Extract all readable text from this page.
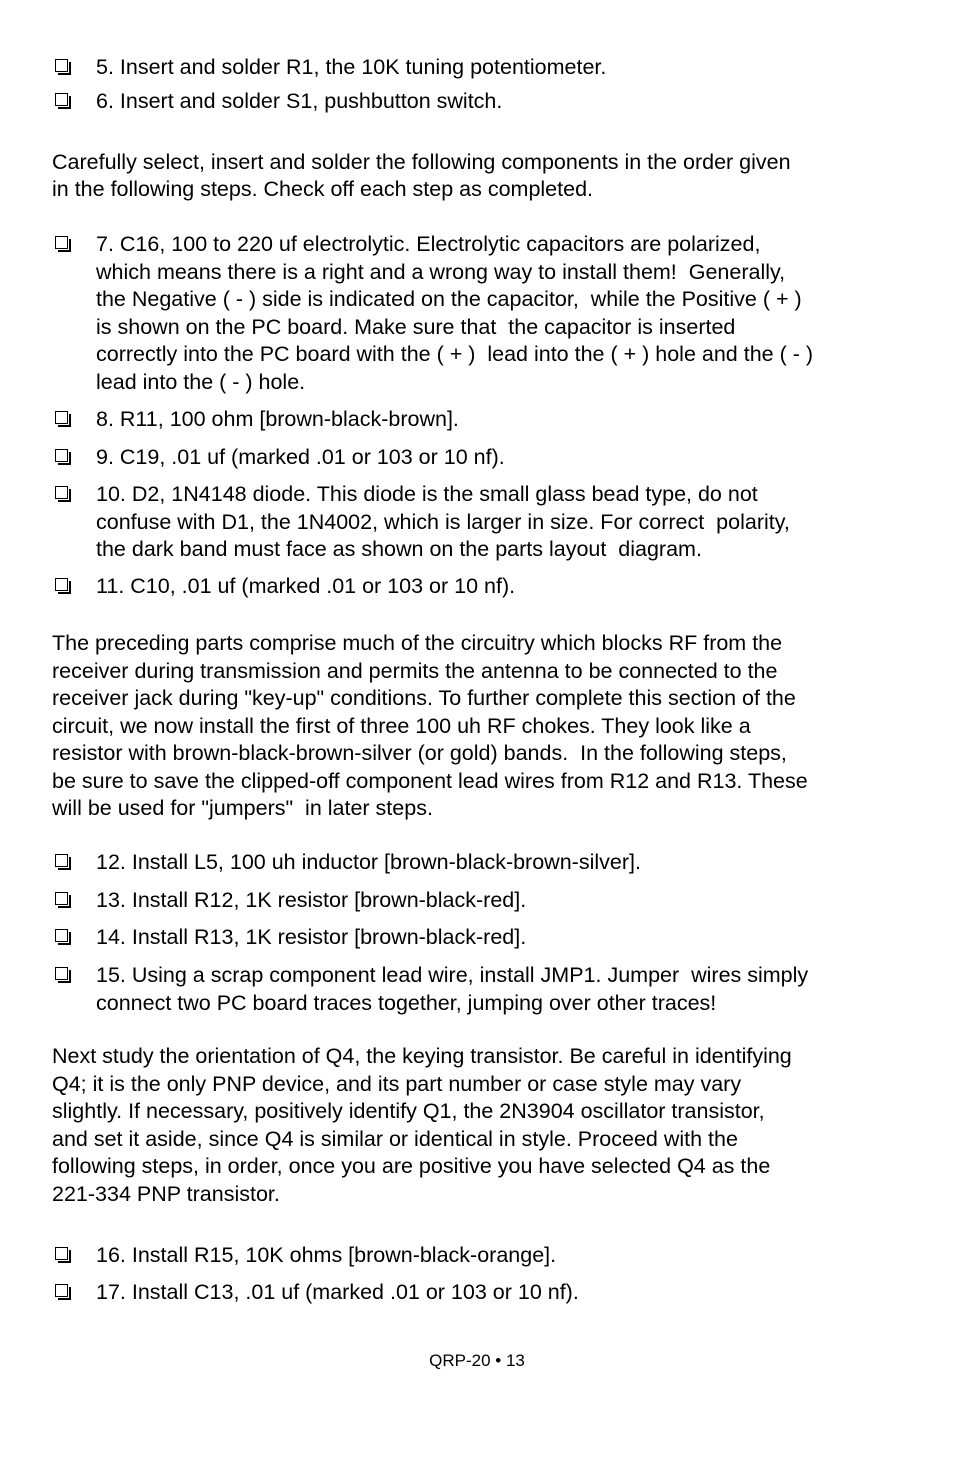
5. Insert and solder R1, the 10K tuning potentiometer.
6. Insert and solder S1, pushbutton switch.
Carefully select, insert and solder the following components in the order given
in the following steps. Check off each step as completed.
7. C16, 100 to 220 uf electrolytic. Electrolytic capacitors are polarized,
which means there is a right and a wrong way to install them!  Generally,
the Negative ( - ) side is indicated on the capacitor,  while the Positive ( + )
is shown on the PC board. Make sure that  the capacitor is inserted
correctly into the PC board with the ( + )  lead into the ( + ) hole and the ( - )
lead into the ( - ) hole.
8. R11, 100 ohm [brown-black-brown].
9. C19, .01 uf (marked .01 or 103 or 10 nf).
10. D2, 1N4148 diode. This diode is the small glass bead type, do not
confuse with D1, the 1N4002, which is larger in size. For correct  polarity,
the dark band must face as shown on the parts layout  diagram.
11. C10, .01 uf (marked .01 or 103 or 10 nf).
The preceding parts comprise much of the circuitry which blocks RF from the
receiver during transmission and permits the antenna to be connected to the
receiver jack during "key-up" conditions. To further complete this section of the
circuit, we now install the first of three 100 uh RF chokes. They look like a
resistor with brown-black-brown-silver (or gold) bands.  In the following steps,
be sure to save the clipped-off component lead wires from R12 and R13. These
will be used for "jumpers"  in later steps.
12. Install L5, 100 uh inductor [brown-black-brown-silver].
13. Install R12, 1K resistor [brown-black-red].
14. Install R13, 1K resistor [brown-black-red].
15. Using a scrap component lead wire, install JMP1. Jumper  wires simply
connect two PC board traces together, jumping over other traces!
Next study the orientation of Q4, the keying transistor. Be careful in identifying
Q4; it is the only PNP device, and its part number or case style may vary
slightly. If necessary, positively identify Q1, the 2N3904 oscillator transistor,
and set it aside, since Q4 is similar or identical in style. Proceed with the
following steps, in order, once you are positive you have selected Q4 as the
221-334 PNP transistor.
16. Install R15, 10K ohms [brown-black-orange].
17. Install C13, .01 uf (marked .01 or 103 or 10 nf).
QRP-20 • 13
